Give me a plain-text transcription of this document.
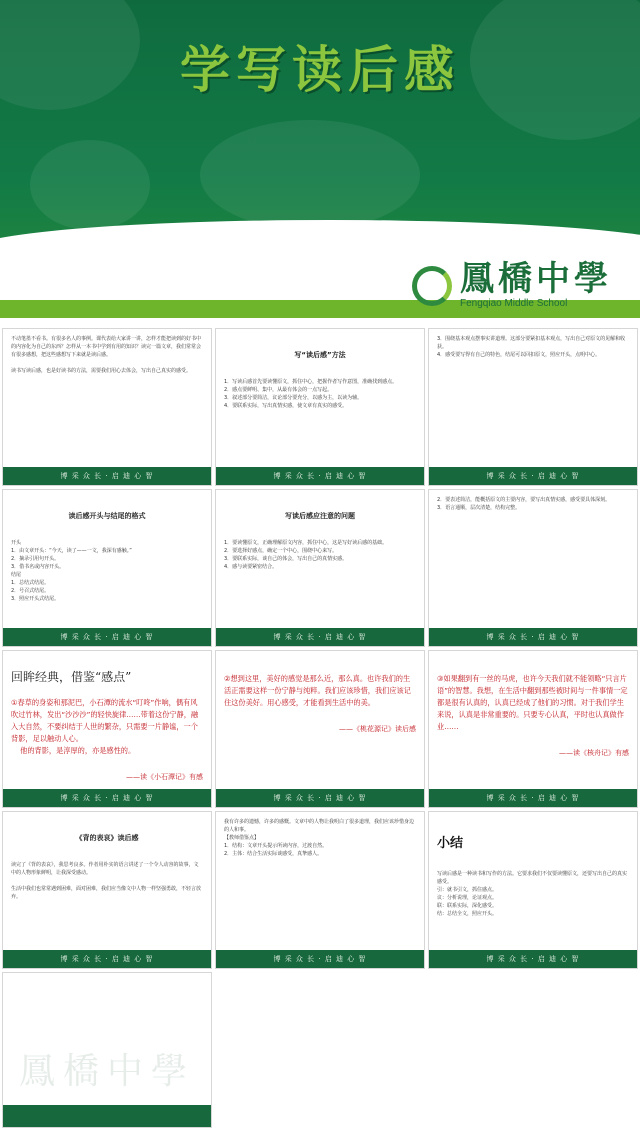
学写读后感
鳳橋中學
Fengqiao Middle School
不动笔墨不看书。有很多名人的事例。课代表给大家讲一讲，怎样才能把读到的好书中的内容化为自己的东西？怎样从一本书中学到有用的知识？读完一篇文章，我们常常会有很多感想，把这些感想写下来就是读后感。

读书写读后感，也是好读书的方法，需要我们用心去体会，写出自己真实的感受。
博 采 众 长 · 启 迪 心 智

写“读后感”方法

1．写读后感首先要读懂原文，抓住中心，把握作者写作意图，准确找到感点。
2．感点要鲜明、集中，从最有体会的一点写起。
3．叙述部分要简洁，议论部分要充分，以感为主，以读为辅。
4．要联系实际，写出真情实感，使文章有真实的感受。

博 采 众 长 · 启 迪 心 智
3．围绕基本观点摆事实讲道理。这部分要紧扣基本观点，写出自己对原文的见解和收获。
4．感受要写得有自己的特色，结尾可以回扣原文，照应开头，点明中心。
博 采 众 长 · 启 迪 心 智

读后感开头与结尾的格式

开头
1．由文章开头：“今天，读了——一文，我深有感触。”
2．摘录引用句开头。
3．借书名或内容开头。
结尾
1．总结式结尾。
2．号召式结尾。
3．照应开头式结尾。

博 采 众 长 · 启 迪 心 智

写读后感应注意的问题

1．要读懂原文，正确理解原文内容，抓住中心，这是写好读后感的基础。
2．要选择好感点，确定一个中心，围绕中心来写。
3．要联系实际，谈自己的体会，写出自己的真情实感。
4．感与读要紧密结合。

博 采 众 长 · 启 迪 心 智
2．要表述简洁，能概括原文的主要内容，要写出真情实感，感受要具体深刻。
3．语言通顺，层次清楚，结构完整。
博 采 众 长 · 启 迪 心 智

回眸经典，借鉴“感点”

①春草的身姿和那泥巴，小石潭的流水“叮咚”作响，偶有风吹过竹林，发出“沙沙沙”的轻快旋律……带着这份宁静，融入大自然，不要纠结于人世的繁杂，只需要一片静谧，一个背影，足以触动人心。
他的背影，是淳厚的，亦是感性的。

——读《小石潭记》有感

博 采 众 长 · 启 迪 心 智

②想到这里，美好的感觉是那么近，那么真。也许我们的生活正需要这样一份宁静与纯粹。我们应该珍惜，我们应该记住这份美好。用心感受，才能看到生活中的美。

——《桃花源记》读后感

博 采 众 长 · 启 迪 心 智

③如果翻到有一丝的马虎，也许今天我们就不能领略“只言片语”的智慧。我想，在生活中翻到那些被时间与一件事情一定都是很有认真的，认真已经成了他们的习惯。对于我们学生来说，认真是非常重要的。只要专心认真，平时也认真做作业……

——读《核舟记》有感

博 采 众 长 · 启 迪 心 智

《背的表哀》读后感

读完了《背的表哀》，我思考良多。作者用朴实的语言讲述了一个令人动容的故事，文中的人物形象鲜明，让我深受感动。

生活中我们也常常遇到困难，面对困难，我们应当像文中人物一样坚强勇敢，不轻言放弃。

博 采 众 长 · 启 迪 心 智
我有许多的遗憾，许多的感慨。文章中的人物让我明白了很多道理，我们应该珍惜身边的人和事。
【教师借鉴点】
1．结构：文章开头提示所读内容，过渡自然。
2．主体：结合生活实际谈感受，真挚感人。
博 采 众 长 · 启 迪 心 智

小结

写读后感是一种读书和写作的方法。它要求我们不仅要读懂原文，还要写出自己的真实感受。
引：就书引文，抓住感点。
议：分析说理，论证观点。
联：联系实际，深化感受。
结：总结全文，照应开头。

博 采 众 长 · 启 迪 心 智
鳳橋中學
